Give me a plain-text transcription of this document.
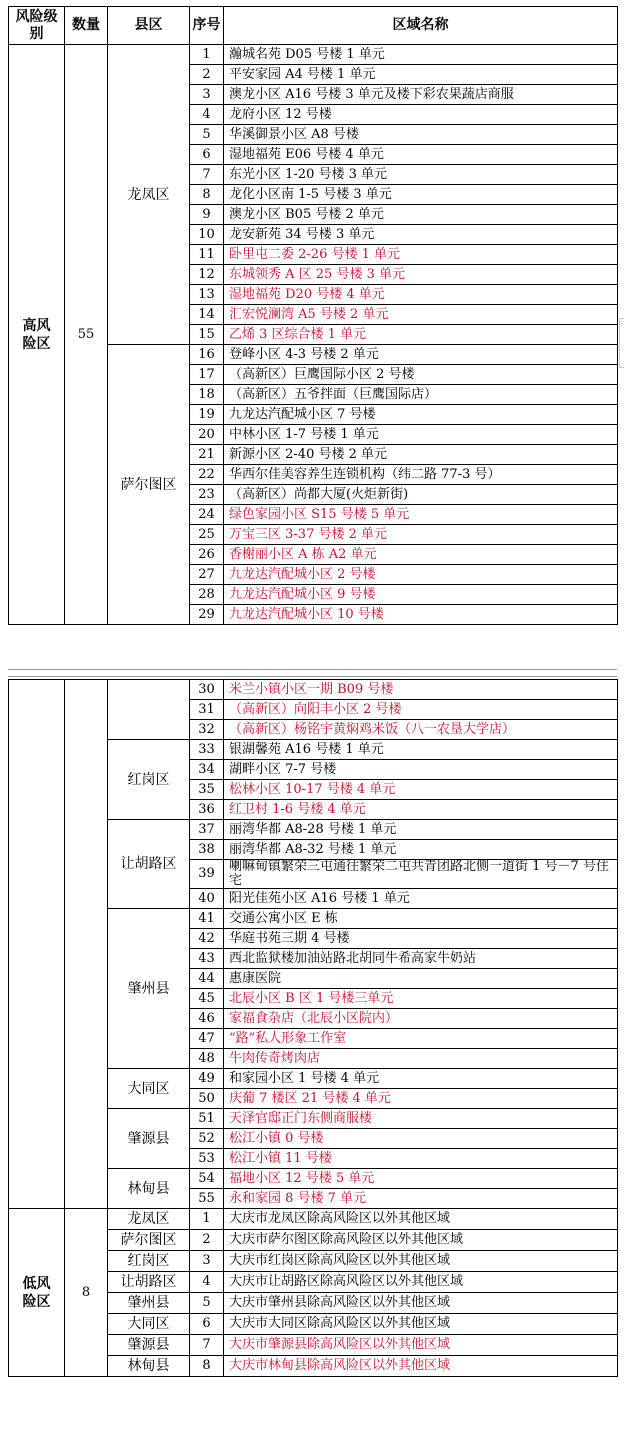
风险级别	数量	县区	序号	区域名称
高风险区	55	龙凤区	1	瀚城名苑 D05 号楼 1 单元
			2	平安家园 A4 号楼 1 单元
			3	澳龙小区 A16 号楼 3 单元及楼下彩农果蔬店商服
			4	龙府小区 12 号楼
			5	华溪御景小区 A8 号楼
			6	湿地福苑 E06 号楼 4 单元
			7	东光小区 1-20 号楼 3 单元
			8	龙化小区南 1-5 号楼 3 单元
			9	澳龙小区 B05 号楼 2 单元
			10	龙安新苑 34 号楼 3 单元
			11	卧里屯二委 2-26 号楼 1 单元
			12	东城领秀 A 区 25 号楼 3 单元
			13	湿地福苑 D20 号楼 4 单元
			14	汇宏悦澜湾 A5 号楼 2 单元
			15	乙烯 3 区综合楼 1 单元
		萨尔图区	16	登峰小区 4-3 号楼 2 单元
			17	（高新区）巨鹰国际小区 2 号楼
			18	（高新区）五爷拌面（巨鹰国际店）
			19	九龙达汽配城小区 7 号楼
			20	中林小区 1-7 号楼 1 单元
			21	新源小区 2-40 号楼 2 单元
			22	华西尔佳美容养生连锁机构（纬二路 77-3 号）
			23	（高新区）尚都大厦(火炬新街)
			24	绿色家园小区 S15 号楼 5 单元
			25	万宝三区 3-37 号楼 2 单元
			26	香榭丽小区 A 栋 A2 单元
			27	九龙达汽配城小区 2 号楼
			28	九龙达汽配城小区 9 号楼
			29	九龙达汽配城小区 10 号楼
			30	米兰小镇小区一期 B09 号楼
			31	（高新区）向阳丰小区 2 号楼
			32	（高新区）杨铭宇黄焖鸡米饭（八一农垦大学店）
		红岗区	33	银湖馨苑 A16 号楼 1 单元
			34	湖畔小区 7-7 号楼
			35	松林小区 10-17 号楼 4 单元
			36	红卫村 1-6 号楼 4 单元
		让胡路区	37	丽湾华都 A8-28 号楼 1 单元
			38	丽湾华都 A8-32 号楼 1 单元
			39	喇嘛甸镇繁荣三屯通往繁荣二屯共青团路北侧一道街 1 号－7 号住宅
			40	阳光佳苑小区 A16 号楼 1 单元
		肇州县	41	交通公寓小区 E 栋
			42	华庭书苑三期 4 号楼
			43	西北监狱楼加油站路北胡同牛希高家牛奶站
			44	惠康医院
			45	北辰小区 B 区 1 号楼三单元
			46	家福食杂店（北辰小区院内）
			47	“路”私人形象工作室
			48	牛肉传奇烤肉店
		大同区	49	和家园小区 1 号楼 4 单元
			50	庆葡 7 楼区 21 号楼 4 单元
		肇源县	51	天泽官邸正门东侧商服楼
			52	松江小镇 0 号楼
			53	松江小镇 11 号楼
		林甸县	54	福地小区 12 号楼 5 单元
			55	永和家园 8 号楼 7 单元
低风险区	8	龙凤区	1	大庆市龙凤区除高风险区以外其他区域
		萨尔图区	2	大庆市萨尔图区除高风险区以外其他区域
		红岗区	3	大庆市红岗区除高风险区以外其他区域
		让胡路区	4	大庆市让胡路区除高风险区以外其他区域
		肇州县	5	大庆市肇州县除高风险区以外其他区域
		大同区	6	大庆市大同区除高风险区以外其他区域
		肇源县	7	大庆市肇源县除高风险区以外其他区域
		林甸县	8	大庆市林甸县除高风险区以外其他区域
